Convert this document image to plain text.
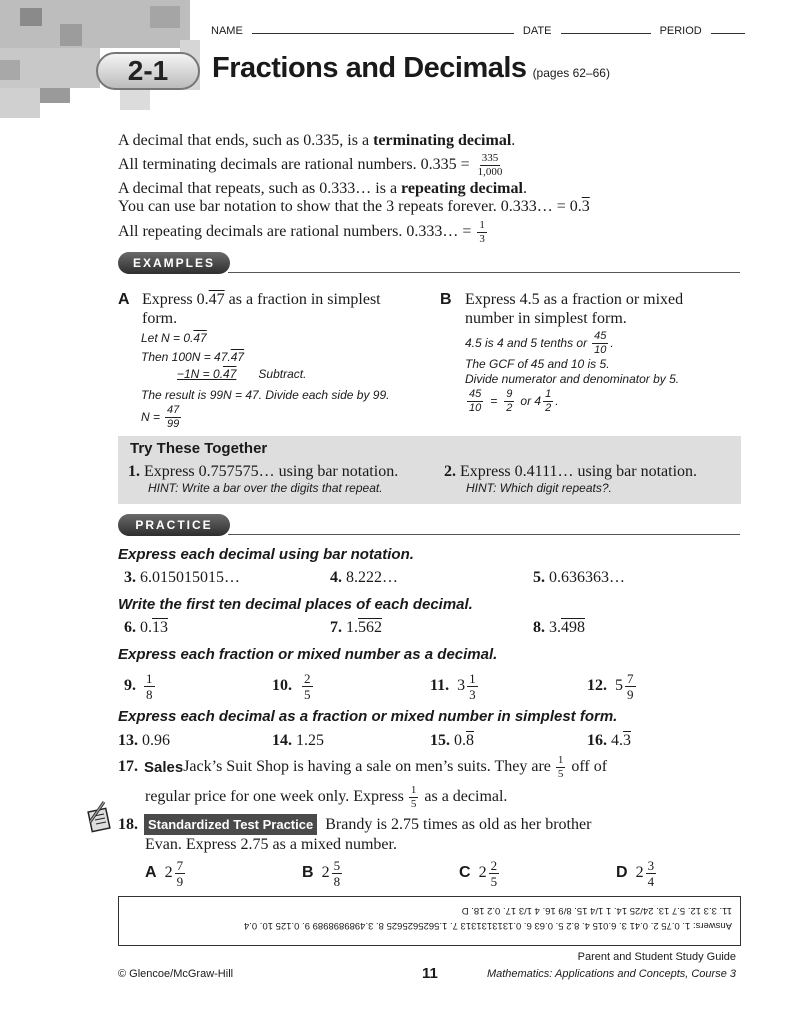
2-1
NAME	DATE	PERIOD
Fractions and Decimals (pages 62–66)
A decimal that ends, such as 0.335, is a terminating decimal.
All terminating decimals are rational numbers. $0.335 = \frac{335}{1,000}$
A decimal that repeats, such as 0.333… is a repeating decimal.
You can use bar notation to show that the 3 repeats forever. 0.333… = 0.3
All repeating decimals are rational numbers. 0.333… = $\frac{1}{3}$
EXAMPLES
A Express 0.47 as a fraction in simplest
form.
Let N = 0.47
Then 100N = 47.47
−1N = 0.47 Subtract.
The result is 99N = 47. Divide each side by 99.
$N = \frac{47}{99}$
B Express 4.5 as a fraction or mixed
number in simplest form.
4.5 is 4 and 5 tenths or $\frac{45}{10}$ .
The GCF of 45 and 10 is 5.
Divide numerator and denominator by 5.
$\frac{45}{10} = \frac{9}{2}$ or $4 \frac{1}{2}$ .
Try These Together
1. Express 0.757575… using bar notation.
HINT: Write a bar over the digits that repeat.
2. Express 0.4111… using bar notation.
HINT: Which digit repeats?.
PRACTICE
Express each decimal using bar notation.
3. 6.015015015…	4. 8.222…	5. 0.636363…
Write the first ten decimal places of each decimal.
6. 0.13	7. 1.562	8. 3.498
Express each fraction or mixed number as a decimal.
9. $\frac{1}{8}$	10. $\frac{2}{5}$	11. $3 \frac{1}{3}$	12. $5 \frac{7}{9}$
Express each decimal as a fraction or mixed number in simplest form.
13. 0.96	14. 1.25	15. 0.8	16. 4.3
17. Sales Jack’s Suit Shop is having a sale on men’s suits. They are $\frac{1}{5}$ off of
regular price for one week only. Express $\frac{1}{5}$ as a decimal.
18. Standardized Test Practice Brandy is 2.75 times as old as her brother
Evan. Express 2.75 as a mixed number.
A $2 \frac{7}{9}$	B $2 \frac{5}{8}$	C $2 \frac{2}{5}$	D $2 \frac{3}{4}$
Answers: 1. 0.75 2. 0.41 3. 6.015 4. 8.2 5. 0.63 6. 0.1313131313 7. 1.5625625625 8. 3.4989898989 9. 0.125 10. 0.4
11. 3.3 12. 5.7 13. 24/25 14. 1 1/4 15. 8/9 16. 4 1/3 17. 0.2 18. D
Parent and Student Study Guide
© Glencoe/McGraw-Hill	11	Mathematics: Applications and Concepts, Course 3
